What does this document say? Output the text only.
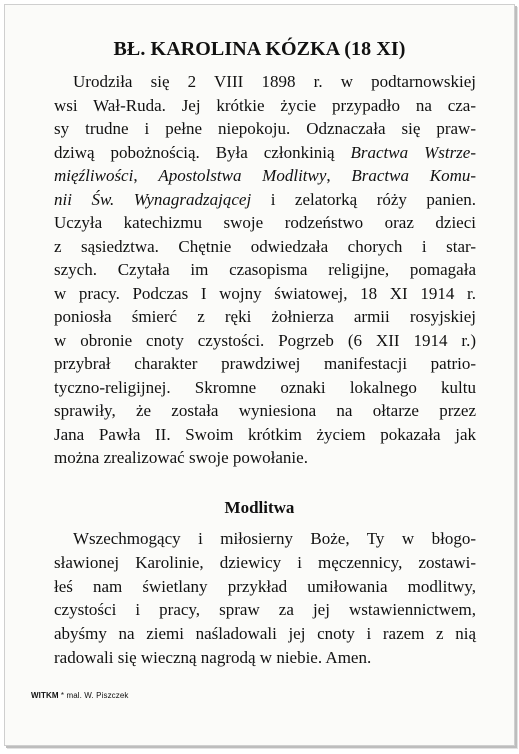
BŁ. KAROLINA KÓZKA (18 XI)
Urodziła się 2 VIII 1898 r. w podtarnowskiej
wsi Wał-Ruda. Jej krótkie życie przypadło na cza-
sy trudne i pełne niepokoju. Odznaczała się praw-
dziwą pobożnością. Była członkinią Bractwa Wstrze-
mięźliwości, Apostolstwa Modlitwy, Bractwa Komu-
nii Św. Wynagradzającej i zelatorką róży panien.
Uczyła katechizmu swoje rodzeństwo oraz dzieci
z sąsiedztwa. Chętnie odwiedzała chorych i star-
szych. Czytała im czasopisma religijne, pomagała
w pracy. Podczas I wojny światowej, 18 XI 1914 r.
poniosła śmierć z ręki żołnierza armii rosyjskiej
w obronie cnoty czystości. Pogrzeb (6 XII 1914 r.)
przybrał charakter prawdziwej manifestacji patrio-
tyczno-religijnej. Skromne oznaki lokalnego kultu
sprawiły, że została wyniesiona na ołtarze przez
Jana Pawła II. Swoim krótkim życiem pokazała jak
można zrealizować swoje powołanie.
Modlitwa
Wszechmogący i miłosierny Boże, Ty w błogo-
sławionej Karolinie, dziewicy i męczennicy, zostawi-
łeś nam świetlany przykład umiłowania modlitwy,
czystości i pracy, spraw za jej wstawiennictwem,
abyśmy na ziemi naśladowali jej cnoty i razem z nią
radowali się wieczną nagrodą w niebie. Amen.
WITKM * mal. W. Piszczek
